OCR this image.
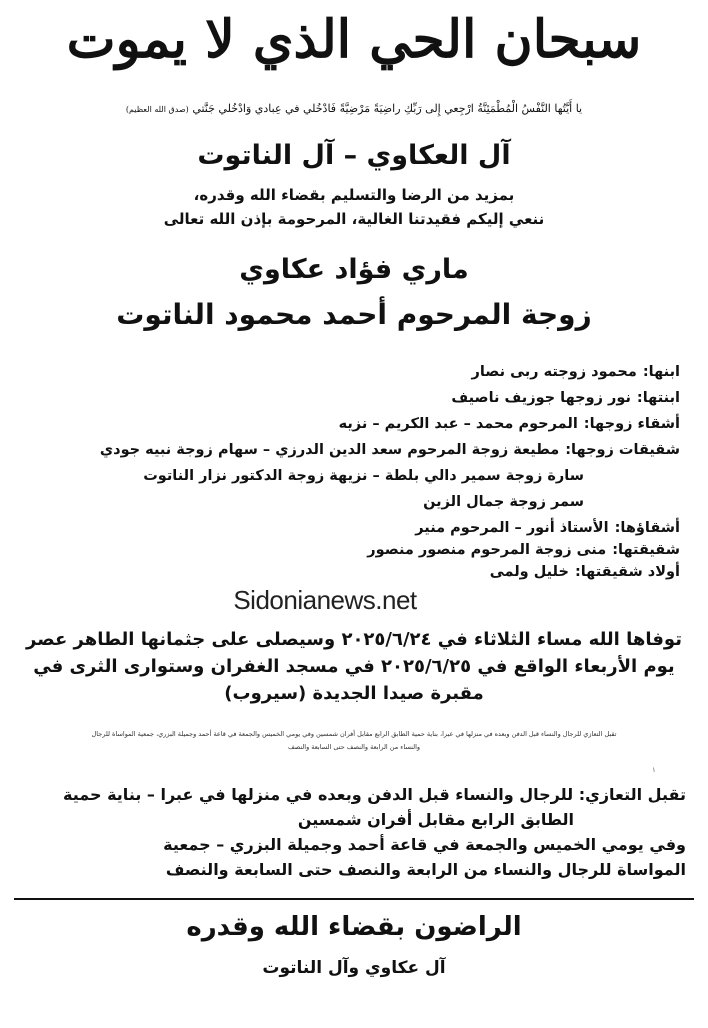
سبحان الحي الذي لا يموت
يا أَيَّتُها النَّفْسُ الْمُطْمَئِنَّةُ ارْجِعي إِلى رَبِّكِ راضِيَةً مَرْضِيَّةً فَادْخُلي في عِبادي وَادْخُلي جَنَّتي (صدق الله العظيم)
آل العكاوي – آل الناتوت
بمزيد من الرضا والتسليم بقضاء الله وقدره،
ننعي إليكم فقيدتنا الغالية، المرحومة بإذن الله تعالى
ماري فؤاد عكاوي
زوجة المرحوم أحمد محمود الناتوت
ابنها:
محمود زوجته ربى نصار
ابنتها:
نور زوجها جوزيف ناصيف
أشقاء زوجها:
المرحوم محمد – عبد الكريم – نزيه
شقيقات زوجها:
مطيعة زوجة المرحوم سعد الدين الدرزي – سهام زوجة نبيه جودي
سارة زوجة سمير دالي بلطة – نزيهة زوجة الدكتور نزار الناتوت
سمر زوجة جمال الزين
أشقاؤها:
الأستاذ أنور – المرحوم منير
شقيقتها:
منى زوجة المرحوم منصور منصور
أولاد شقيقتها:
خليل ولمى
Sidonianews.net
توفاها الله مساء الثلاثاء في ٢٠٢٥/٦/٢٤ وسيصلى على جثمانها الطاهر عصر
يوم الأربعاء الواقع في ٢٠٢٥/٦/٢٥ في مسجد الغفران وستوارى الثرى في
مقبرة صيدا الجديدة (سيروب)
تقبل التعازي للرجال والنساء قبل الدفن وبعده في منزلها في عبرا، بناية حمية الطابق الرابع مقابل أفران شمسين وفي يومي الخميس والجمعة في قاعة أحمد وجميلة البزري، جمعية المواساة للرجال
والنساء من الرابعة والنصف حتى السابعة والنصف
١
تقبل التعازي: للرجال والنساء قبل الدفن وبعده في منزلها في عبرا – بناية حمية
الطابق الرابع مقابل أفران شمسين
وفي يومي الخميس والجمعة في قاعة أحمد وجميلة البزري – جمعية
المواساة للرجال والنساء من الرابعة والنصف حتى السابعة والنصف
الراضون بقضاء الله وقدره
آل عكاوي وآل الناتوت
